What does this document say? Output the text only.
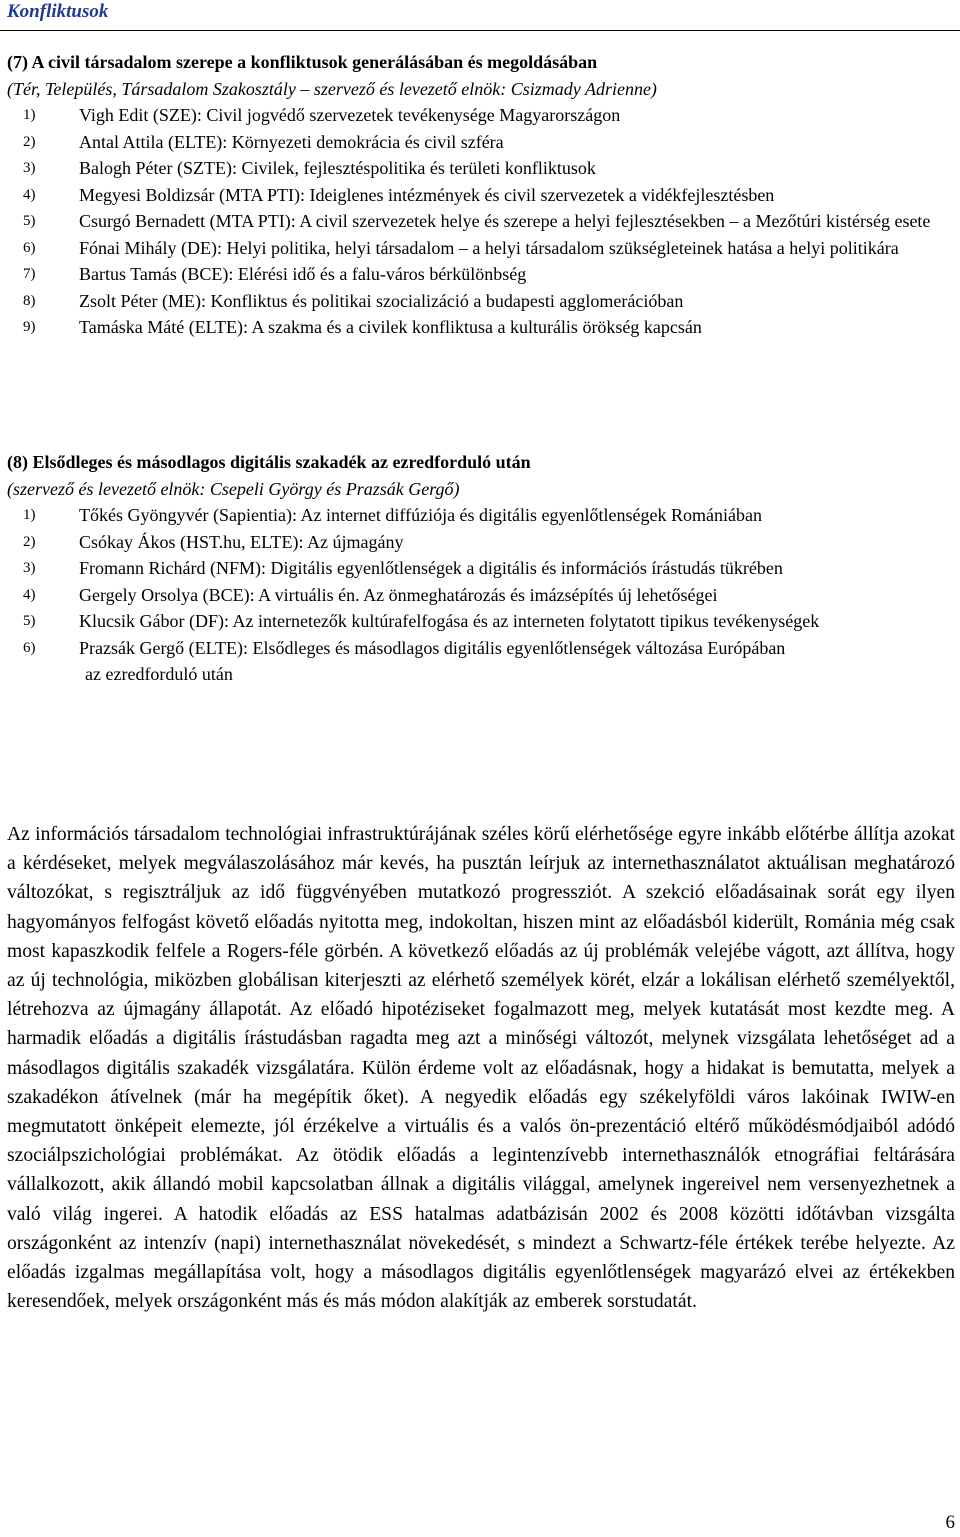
Konfliktusok

(7) A civil társadalom szerepe a konfliktusok generálásában és megoldásában

(Tér, Település, Társadalom Szakosztály – szervező és levezető elnök: Csizmady Adrienne)

1)	Vigh Edit (SZE): Civil jogvédő szervezetek tevékenysége Magyarországon
2)	Antal Attila (ELTE): Környezeti demokrácia és civil szféra
3)	Balogh Péter (SZTE): Civilek, fejlesztéspolitika és területi konfliktusok
4)	Megyesi Boldizsár (MTA PTI): Ideiglenes intézmények és civil szervezetek a vidékfejlesztésben
5)	Csurgó Bernadett (MTA PTI): A civil szervezetek helye és szerepe a helyi fejlesztésekben – a Mezőtúri kistérség esete
6)	Fónai Mihály (DE): Helyi politika, helyi társadalom – a helyi társadalom szükségleteinek hatása a helyi politikára
7)	Bartus Tamás (BCE): Elérési idő és a falu-város bérkülönbség
8)	Zsolt Péter (ME): Konfliktus és politikai szocializáció a budapesti agglomerációban
9)	Tamáska Máté (ELTE): A szakma és a civilek konfliktusa a kulturális örökség kapcsán

(8) Elsődleges és másodlagos digitális szakadék az ezredforduló után

(szervező és levezető elnök: Csepeli György és Prazsák Gergő)

1)	Tőkés Gyöngyvér (Sapientia): Az internet diffúziója és digitális egyenlőtlenségek Romániában
2)	Csókay Ákos (HST.hu, ELTE): Az újmagány
3)	Fromann Richárd (NFM): Digitális egyenlőtlenségek a digitális és információs írástudás tükrében
4)	Gergely Orsolya (BCE): A virtuális én. Az önmeghatározás és imázsépítés új lehetőségei
5)	Klucsik Gábor (DF): Az internetezők kultúrafelfogása és az interneten folytatott tipikus tevékenységek
6)	Prazsák Gergő (ELTE): Elsődleges és másodlagos digitális egyenlőtlenségek változása Európában
az ezredforduló után

Az információs társadalom technológiai infrastruktúrájának széles körű elérhetősége egyre inkább előtérbe állítja azokat a kérdéseket, melyek megválaszolásához már kevés, ha pusztán leírjuk az internethasználatot aktuálisan meghatározó változókat, s regisztráljuk az idő függvényében mutatkozó progressziót. A szekció előadásainak sorát egy ilyen hagyományos felfogást követő előadás nyitotta meg, indokoltan, hiszen mint az előadásból kiderült, Románia még csak most kapaszkodik felfele a Rogers-féle görbén. A következő előadás az új problémák velejébe vágott, azt állítva, hogy az új technológia, miközben globálisan kiterjeszti az elérhető személyek körét, elzár a lokálisan elérhető személyektől, létrehozva az újmagány állapotát. Az előadó hipotéziseket fogalmazott meg, melyek kutatását most kezdte meg. A harmadik előadás a digitális írástudásban ragadta meg azt a minőségi változót, melynek vizsgálata lehetőséget ad a másodlagos digitális szakadék vizsgálatára. Külön érdeme volt az előadásnak, hogy a hidakat is bemutatta, melyek a szakadékon átívelnek (már ha megépítik őket). A negyedik előadás egy székelyföldi város lakóinak IWIW-en megmutatott önképeit elemezte, jól érzékelve a virtuális és a valós ön-prezentáció eltérő működésmódjaiból adódó szociálpszichológiai problémákat. Az ötödik előadás a legintenzívebb internethasználók etnográfiai feltárására vállalkozott, akik állandó mobil kapcsolatban állnak a digitális világgal, amelynek ingereivel nem versenyezhetnek a való világ ingerei. A hatodik előadás az ESS hatalmas adatbázisán 2002 és 2008 közötti időtávban vizsgálta országonként az intenzív (napi) internethasználat növekedését, s mindezt a Schwartz-féle értékek terébe helyezte. Az előadás izgalmas megállapítása volt, hogy a másodlagos digitális egyenlőtlenségek magyarázó elvei az értékekben keresendőek, melyek országonként más és más módon alakítják az emberek sorstudatát.

6
